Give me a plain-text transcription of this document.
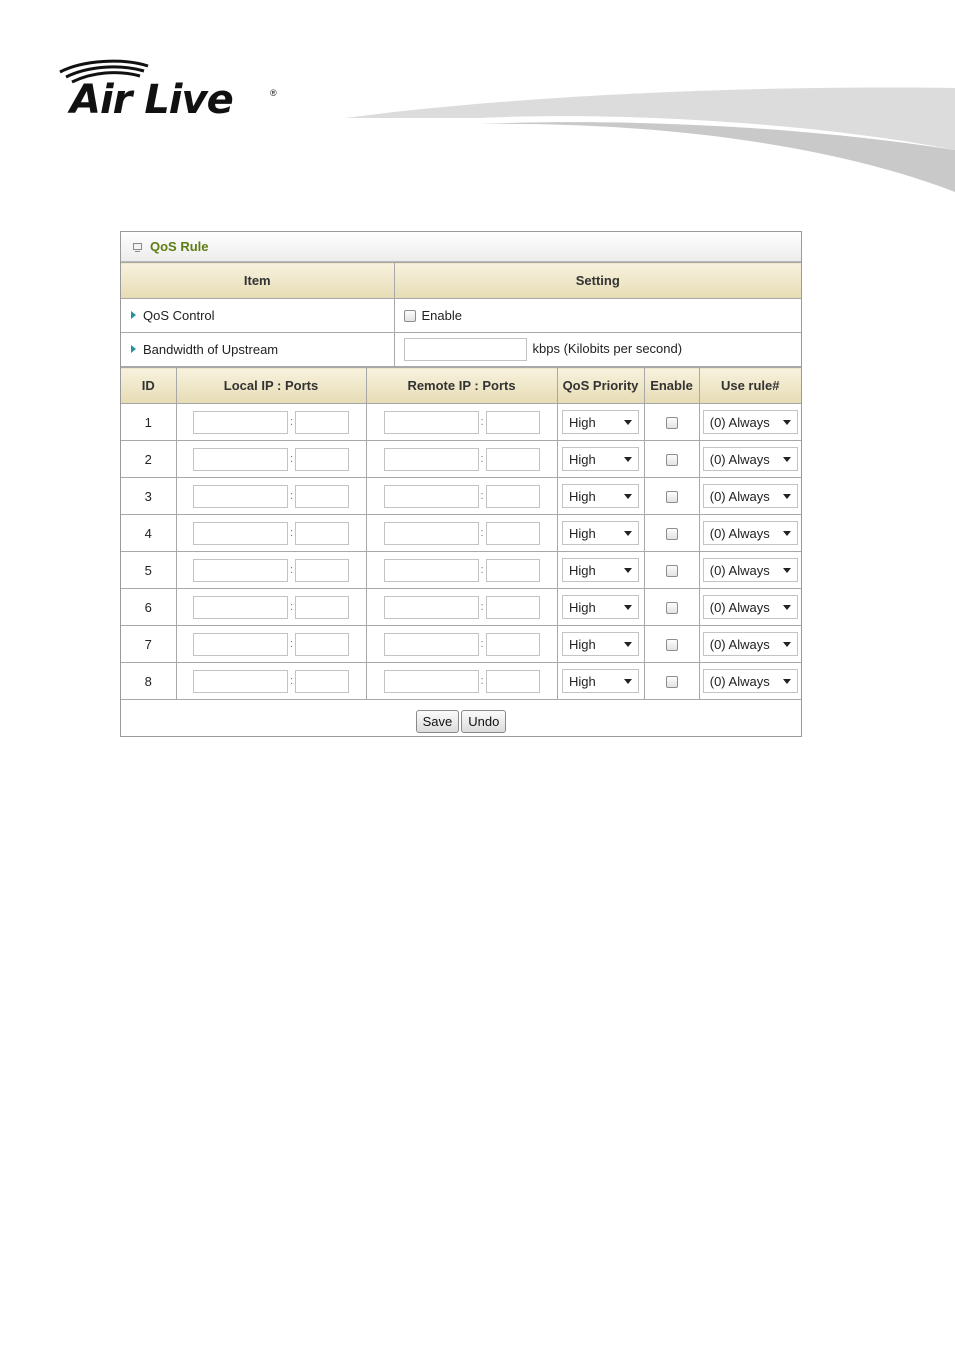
Air Live	®
QoS Rule
Item	Setting
QoS Control	Enable
Bandwidth of Upstream	kbps (Kilobits per second)
ID	Local IP : Ports	Remote IP : Ports	QoS Priority	Enable	Use rule#
1	:	:	High		(0) Always

2	:	:	High		(0) Always

3	:	:	High		(0) Always

4	:	:	High		(0) Always

5	:	:	High		(0) Always

6	:	:	High		(0) Always

7	:	:	High		(0) Always

8	:	:	High		(0) Always
Save	Undo
